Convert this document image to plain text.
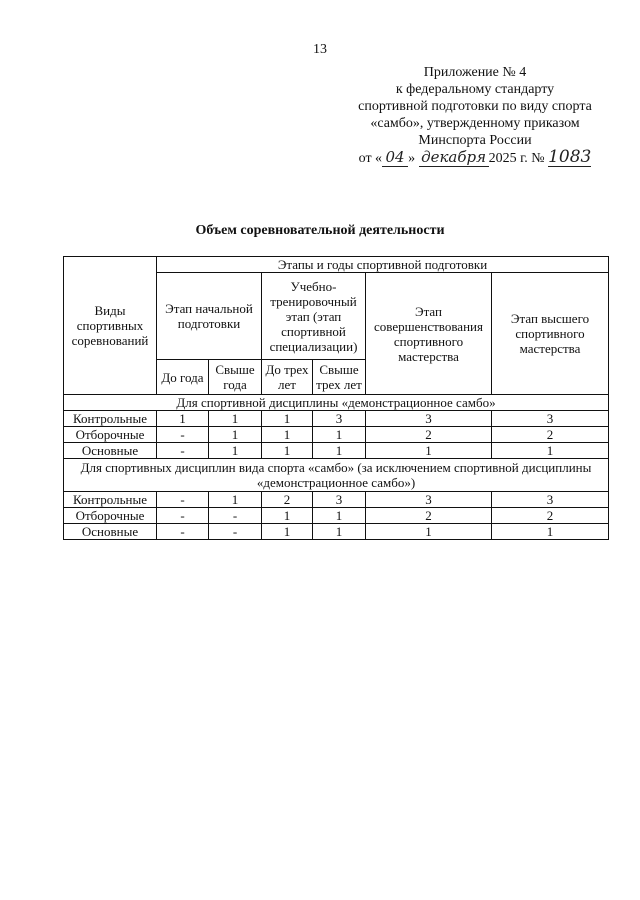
13
Приложение № 4
к федеральному стандарту
спортивной подготовки по виду спорта
«самбо», утвержденному приказом
Минспорта России
от « 04 » декабря 2025 г. № 1083
Объем соревновательной деятельности
Виды спортивных соревнований	Этапы и годы спортивной подготовки					
	Этап начальной подготовки		Учебно-тренировочный этап (этап спортивной специализации)		Этап совершенствования спортивного мастерства	Этап высшего спортивного мастерства
	До года	Свыше года	До трех лет	Свыше трех лет		
Для спортивной дисциплины «демонстрационное самбо»						
Контрольные	1	1	1	3	3	3
Отборочные	-	1	1	1	2	2
Основные	-	1	1	1	1	1
Для спортивных дисциплин вида спорта «самбо» (за исключением спортивной дисциплины «демонстрационное самбо»)						
Контрольные	-	1	2	3	3	3
Отборочные	-	-	1	1	2	2
Основные	-	-	1	1	1	1
